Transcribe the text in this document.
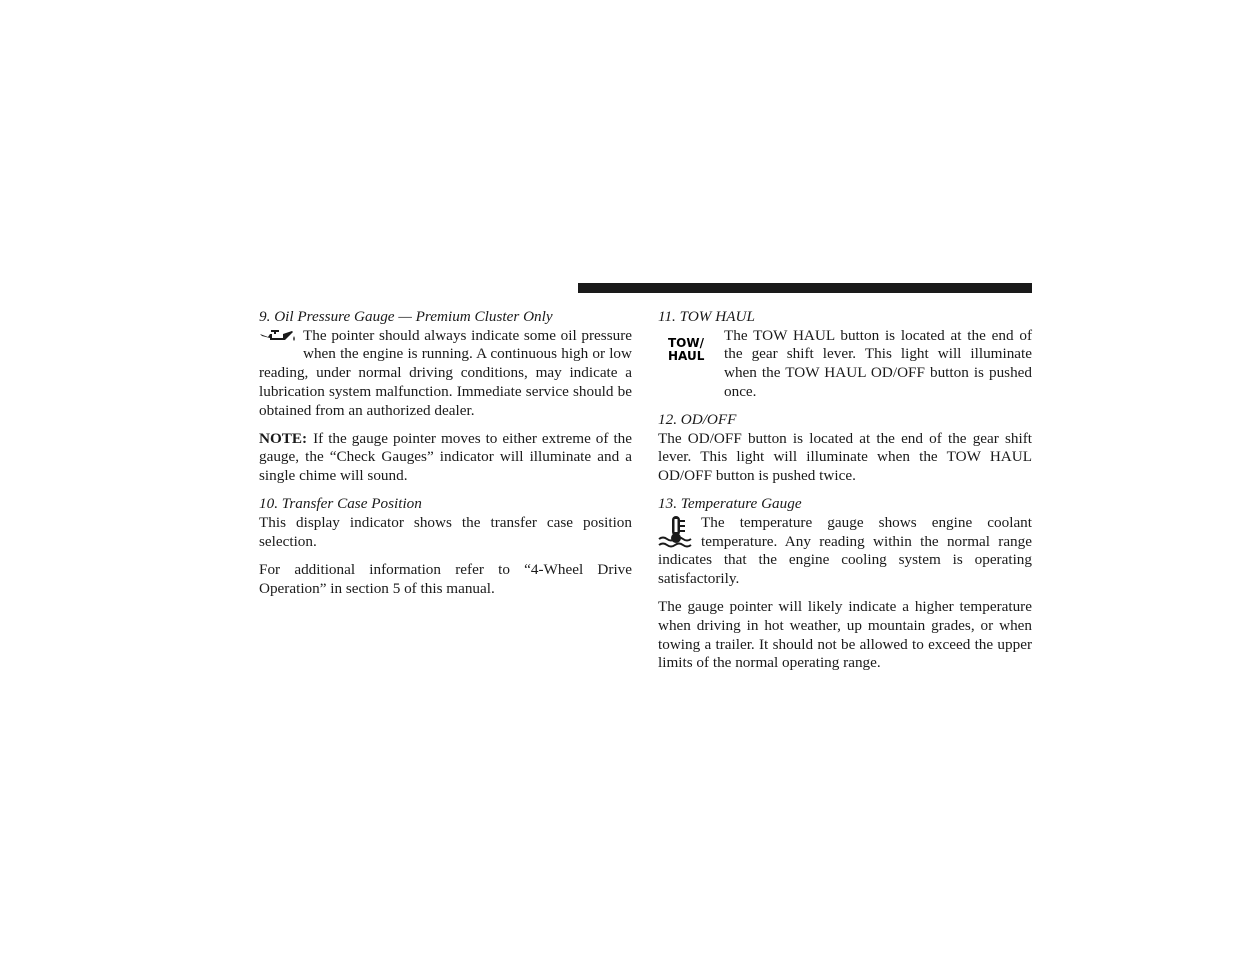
9. Oil Pressure Gauge — Premium Cluster Only

The pointer should always indicate some oil pressure when the engine is running. A continuous high or low reading, under normal driving conditions, may indicate a lubrication system malfunction. Immediate service should be obtained from an authorized dealer.

NOTE: If the gauge pointer moves to either extreme of the gauge, the “Check Gauges” indicator will illuminate and a single chime will sound.

10. Transfer Case Position

This display indicator shows the transfer case position selection.

For additional information refer to “4-Wheel Drive Operation” in section 5 of this manual.

11. TOW HAUL

TOW/
HAUL

The TOW HAUL button is located at the end of the gear shift lever. This light will illuminate when the TOW HAUL OD/OFF button is pushed once.

12. OD/OFF

The OD/OFF button is located at the end of the gear shift lever. This light will illuminate when the TOW HAUL OD/OFF button is pushed twice.

13. Temperature Gauge

The temperature gauge shows engine coolant temperature. Any reading within the normal range indicates that the engine cooling system is operating satisfactorily.

The gauge pointer will likely indicate a higher temperature when driving in hot weather, up mountain grades, or when towing a trailer. It should not be allowed to exceed the upper limits of the normal operating range.
